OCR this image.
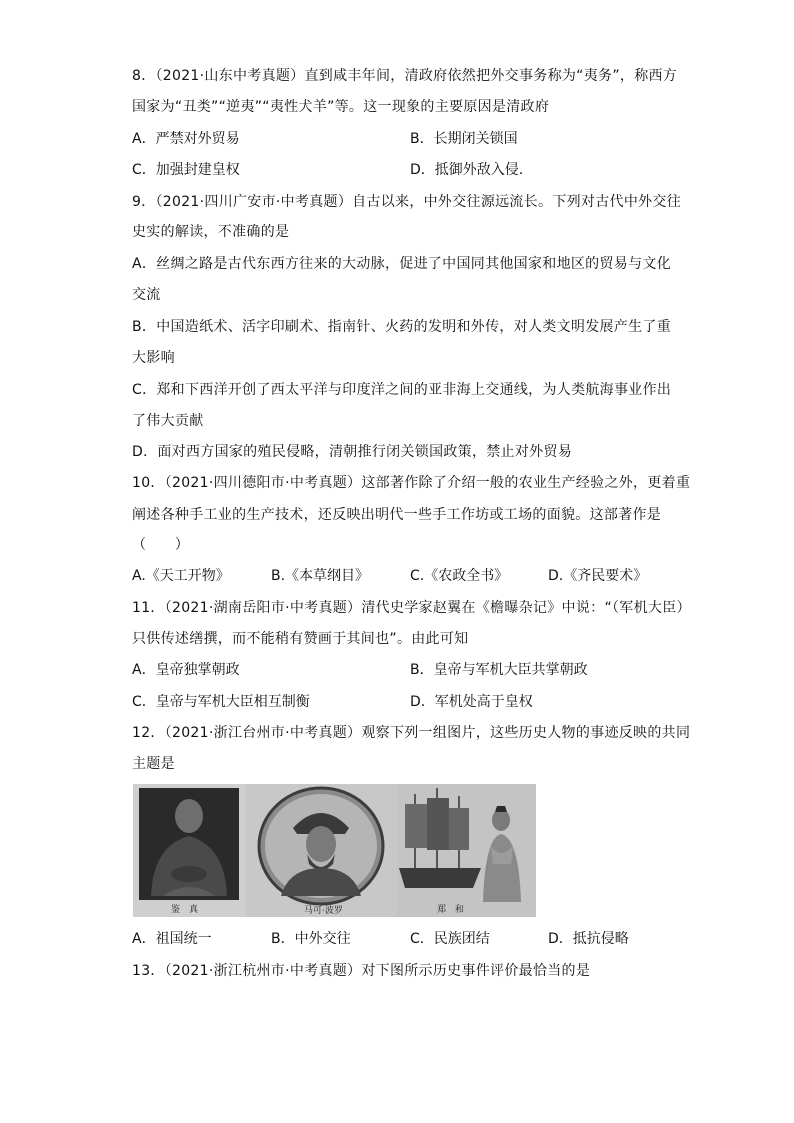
8．（2021·山东中考真题）直到咸丰年间，清政府依然把外交事务称为“夷务”，称西方
国家为“丑类”“逆夷”“夷性犬羊”等。这一现象的主要原因是清政府
A．严禁对外贸易	B．长期闭关锁国
C．加强封建皇权	D．抵御外敌入侵.
9．（2021·四川广安市·中考真题）自古以来，中外交往源远流长。下列对古代中外交往
史实的解读，不准确的是
A．丝绸之路是古代东西方往来的大动脉，促进了中国同其他国家和地区的贸易与文化
交流
B．中国造纸术、活字印刷术、指南针、火药的发明和外传，对人类文明发展产生了重
大影响
C．郑和下西洋开创了西太平洋与印度洋之间的亚非海上交通线，为人类航海事业作出
了伟大贡献
D．面对西方国家的殖民侵略，清朝推行闭关锁国政策，禁止对外贸易
10．（2021·四川德阳市·中考真题）这部著作除了介绍一般的农业生产经验之外，更着重
阐述各种手工业的生产技术，还反映出明代一些手工作坊或工场的面貌。这部著作是
（　　）
A.《天工开物》	B.《本草纲目》	C.《农政全书》	D.《齐民要术》
11．（2021·湖南岳阳市·中考真题）清代史学家赵翼在《檐曝杂记》中说：“（军机大臣）
只供传述缮撰，而不能稍有赞画于其间也”。由此可知
A．皇帝独掌朝政	B．皇帝与军机大臣共掌朝政
C．皇帝与军机大臣相互制衡	D．军机处高于皇权
12．（2021·浙江台州市·中考真题）观察下列一组图片，这些历史人物的事迹反映的共同
主题是
鉴　真	马可·波罗	郑　和
A．祖国统一	B．中外交往	C．民族团结	D．抵抗侵略
13．（2021·浙江杭州市·中考真题）对下图所示历史事件评价最恰当的是
